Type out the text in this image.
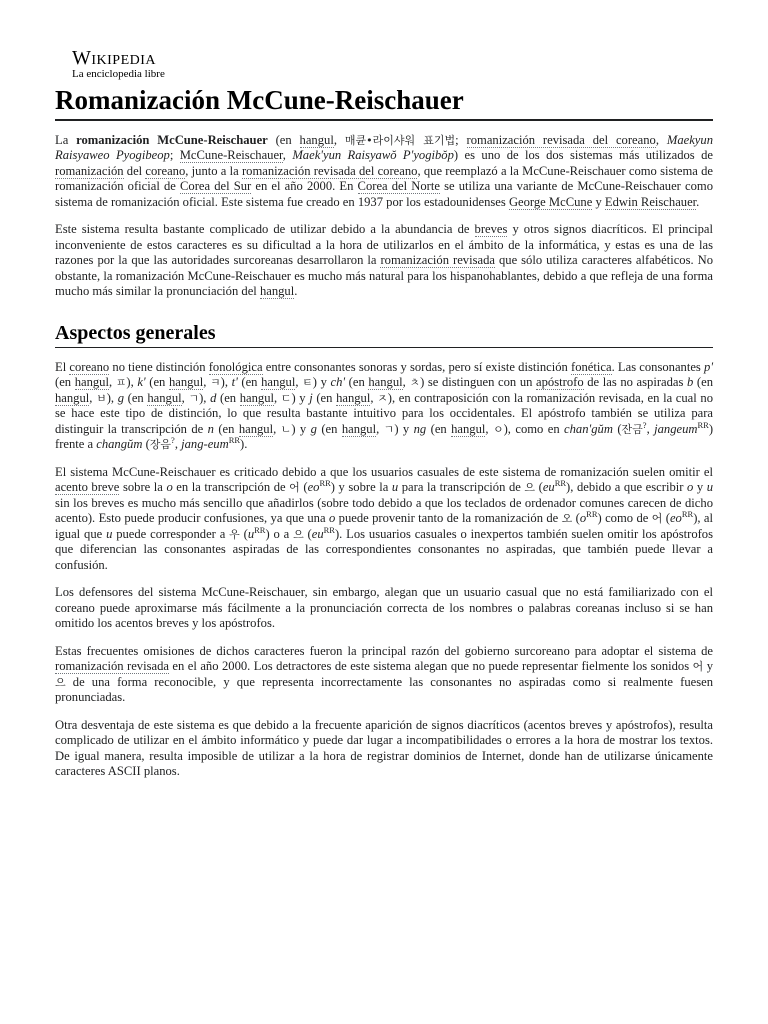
Wikipedia
La enciclopedia libre
Romanización McCune-Reischauer

La romanización McCune-Reischauer (en hangul, 매큔•라이샤워 표기법; romanización revisada del coreano, Maekyun Raisyaweo Pyogibeop; McCune-Reischauer, Maek'yun Raisyawŏ P'yogibŏp) es uno de los dos sistemas más utilizados de romanización del coreano, junto a la romanización revisada del coreano, que reemplazó a la McCune-Reischauer como sistema de romanización oficial de Corea del Sur en el año 2000. En Corea del Norte se utiliza una variante de McCune-Reischauer como sistema de romanización oficial. Este sistema fue creado en 1937 por los estadounidenses George McCune y Edwin Reischauer.

Este sistema resulta bastante complicado de utilizar debido a la abundancia de breves y otros signos diacríticos. El principal inconveniente de estos caracteres es su dificultad a la hora de utilizarlos en el ámbito de la informática, y estas es una de las razones por la que las autoridades surcoreanas desarrollaron la romanización revisada que sólo utiliza caracteres alfabéticos. No obstante, la romanización McCune-Reischauer es mucho más natural para los hispanohablantes, debido a que refleja de una forma mucho más similar la pronunciación del hangul.

Aspectos generales

El coreano no tiene distinción fonológica entre consonantes sonoras y sordas, pero sí existe distinción fonética. Las consonantes p' (en hangul, ㅍ), k' (en hangul, ㅋ), t' (en hangul, ㅌ) y ch' (en hangul, ㅊ) se distinguen con un apóstrofo de las no aspiradas b (en hangul, ㅂ), g (en hangul, ㄱ), d (en hangul, ㄷ) y j (en hangul, ㅈ), en contraposición con la romanización revisada, en la cual no se hace este tipo de distinción, lo que resulta bastante intuitivo para los occidentales. El apóstrofo también se utiliza para distinguir la transcripción de n (en hangul, ㄴ) y g (en hangul, ㄱ) y ng (en hangul, ㅇ), como en chan'gŭm (잔금?, jangeum$^{RR}$) frente a changŭm (장음?, jang-eum$^{RR}$).

El sistema McCune-Reischauer es criticado debido a que los usuarios casuales de este sistema de romanización suelen omitir el acento breve sobre la o en la transcripción de 어 (eo$^{RR}$) y sobre la u para la transcripción de 으 (eu$^{RR}$), debido a que escribir o y u sin los breves es mucho más sencillo que añadirlos (sobre todo debido a que los teclados de ordenador comunes carecen de dicho acento). Esto puede producir confusiones, ya que una o puede provenir tanto de la romanización de 오 (o$^{RR}$) como de 어 (eo$^{RR}$), al igual que u puede corresponder a 우 (u$^{RR}$) o a 으 (eu$^{RR}$). Los usuarios casuales o inexpertos también suelen omitir los apóstrofos que diferencian las consonantes aspiradas de las correspondientes consonantes no aspiradas, que también puede llevar a confusión.

Los defensores del sistema McCune-Reischauer, sin embargo, alegan que un usuario casual que no está familiarizado con el coreano puede aproximarse más fácilmente a la pronunciación correcta de los nombres o palabras coreanas incluso si se han omitido los acentos breves y los apóstrofos.

Estas frecuentes omisiones de dichos caracteres fueron la principal razón del gobierno surcoreano para adoptar el sistema de romanización revisada en el año 2000. Los detractores de este sistema alegan que no puede representar fielmente los sonidos 어 y 으 de una forma reconocible, y que representa incorrectamente las consonantes no aspiradas como si realmente fuesen pronunciadas.

Otra desventaja de este sistema es que debido a la frecuente aparición de signos diacríticos (acentos breves y apóstrofos), resulta complicado de utilizar en el ámbito informático y puede dar lugar a incompatibilidades o errores a la hora de mostrar los textos. De igual manera, resulta imposible de utilizar a la hora de registrar dominios de Internet, donde han de utilizarse únicamente caracteres ASCII planos.
